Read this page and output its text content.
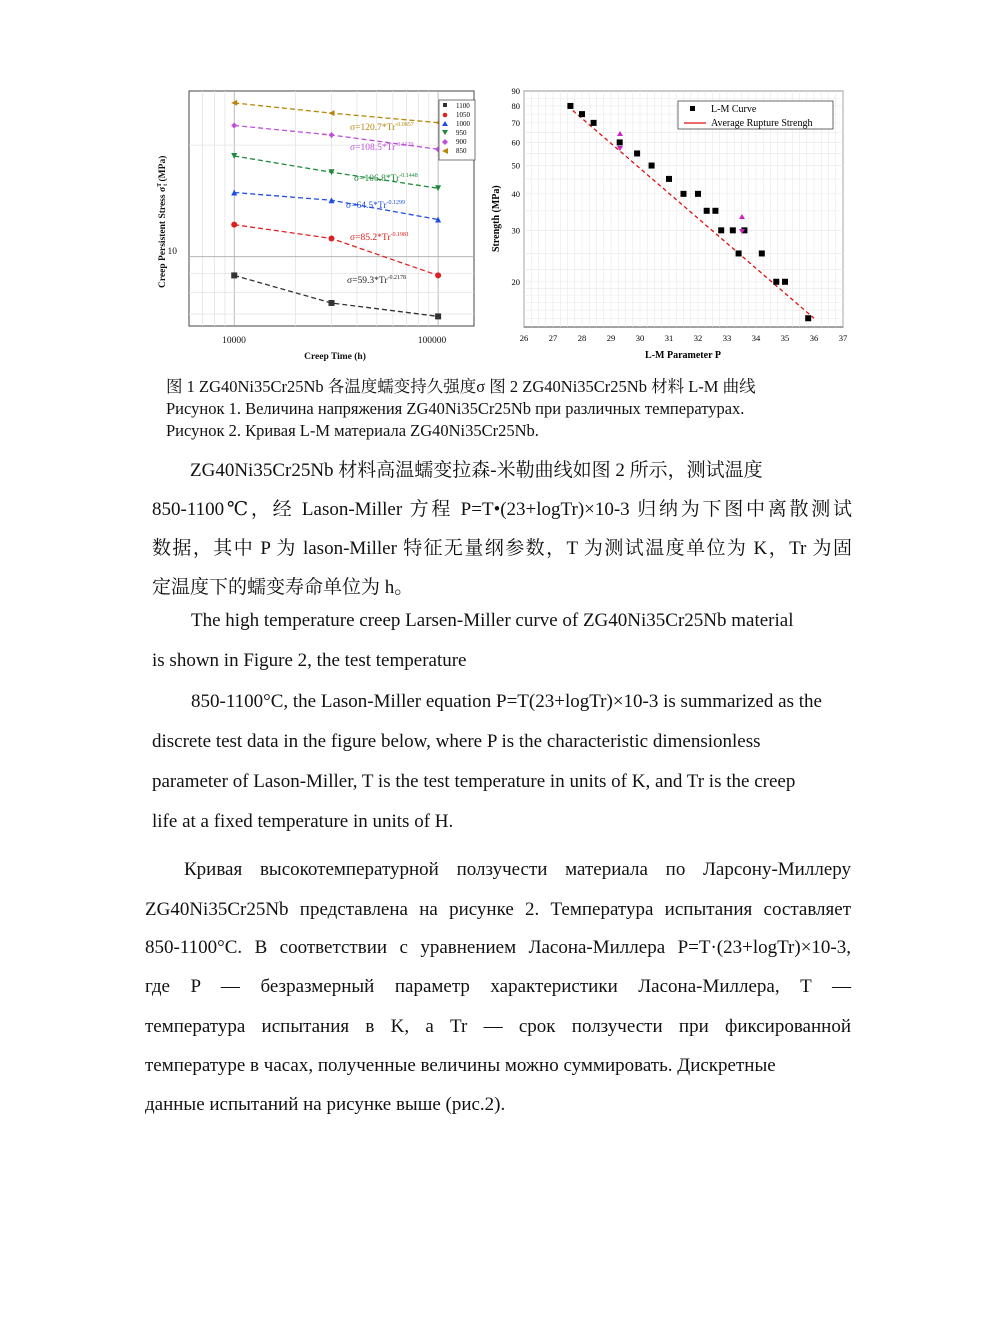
$\sigma=120.7*Tr^{-0.0857}$
$\sigma=108.5*Tr^{-0.1129}$
$\sigma=106.8*Tr^{-0.1448}$
$\sigma=64.5*Tr^{-0.1299}$
$\sigma=85.2*Tr^{-0.1981}$
$\sigma=59.3*Tr^{-0.2178}$
1100
1050
1000
950
900
850
10
10000	100000
Creep Time (h)
Creep Persistent Stress $\sigma^Tt$ (MPa)
26 27 28 29 30 31 32 33 34 35 36 37
20
30
40
50
60
70
80
90
L-M Curve
Average Rupture Strengh
L-M Parameter P
Strength (MPa)
图 1 ZG40Ni35Cr25Nb 各温度蠕变持久强度σ 图 2 ZG40Ni35Cr25Nb 材料 L-M 曲线
Рисунок 1. Величина напряжения ZG40Ni35Cr25Nb при различных температурах.
Рисунок 2. Кривая L-M материала ZG40Ni35Cr25Nb.
ZG40Ni35Cr25Nb 材料高温蠕变拉森-米勒曲线如图 2 所示，测试温度
850-1100℃，经 Lason-Miller 方程 P=T•(23+logTr)×10-3 归纳为下图中离散测试
数据，其中 P 为 lason-Miller 特征无量纲参数，T 为测试温度单位为 K，Tr 为固
定温度下的蠕变寿命单位为 h。
The high temperature creep Larsen-Miller curve of ZG40Ni35Cr25Nb material
is shown in Figure 2, the test temperature
850-1100°C, the Lason-Miller equation P=T(23+logTr)×10-3 is summarized as the
discrete test data in the figure below, where P is the characteristic dimensionless
parameter of Lason-Miller, T is the test temperature in units of K, and Tr is the creep
life at a fixed temperature in units of H.
Кривая высокотемпературной ползучести материала по Ларсону-Миллеру
ZG40Ni35Cr25Nb представлена на рисунке 2. Температура испытания составляет
850-1100°C. В соответствии с уравнением Ласона-Миллера P=T·(23+logTr)×10-3,
где P — безразмерный параметр характеристики Ласона-Миллера, T —
температура испытания в K, а Tr — срок ползучести при фиксированной
температуре в часах, полученные величины можно суммировать. Дискретные
данные испытаний на рисунке выше (рис.2).
